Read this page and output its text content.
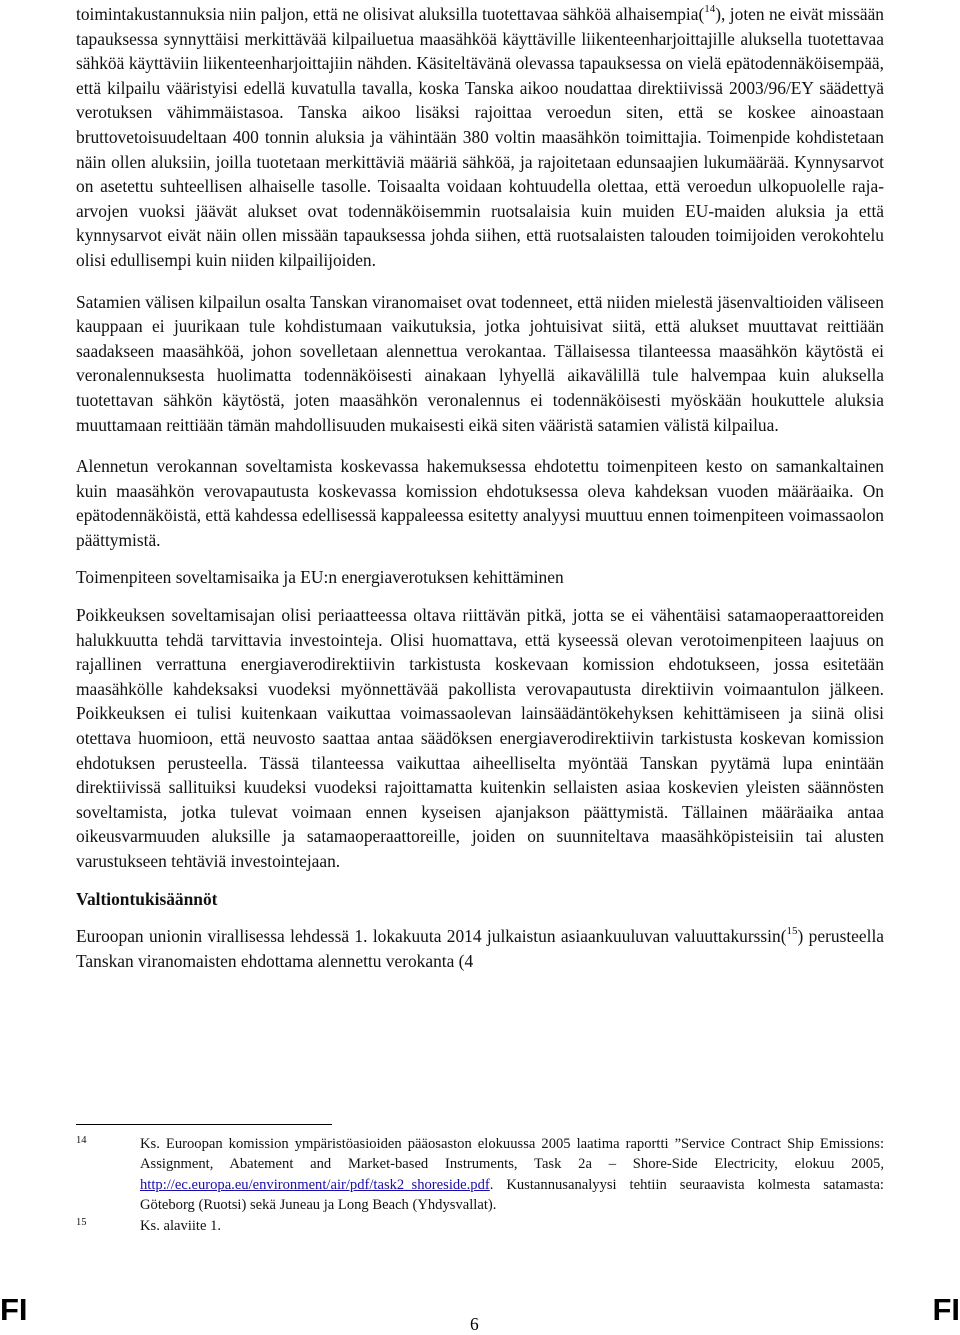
toimintakustannuksia niin paljon, että ne olisivat aluksilla tuotettavaa sähköä alhaisempia($^{14}$), joten ne eivät missään tapauksessa synnyttäisi merkittävää kilpailuetua maasähköä käyttäville liikenteenharjoittajille aluksella tuotettavaa sähköä käyttäviin liikenteenharjoittajiin nähden. Käsiteltävänä olevassa tapauksessa on vielä epätodennäköisempää, että kilpailu vääristyisi edellä kuvatulla tavalla, koska Tanska aikoo noudattaa direktiivissä 2003/96/EY säädettyä verotuksen vähimmäistasoa. Tanska aikoo lisäksi rajoittaa veroedun siten, että se koskee ainoastaan bruttovetoisuudeltaan 400 tonnin aluksia ja vähintään 380 voltin maasähkön toimittajia. Toimenpide kohdistetaan näin ollen aluksiin, joilla tuotetaan merkittäviä määriä sähköä, ja rajoitetaan edunsaajien lukumäärää. Kynnysarvot on asetettu suhteellisen alhaiselle tasolle. Toisaalta voidaan kohtuudella olettaa, että veroedun ulkopuolelle raja-arvojen vuoksi jäävät alukset ovat todennäköisemmin ruotsalaisia kuin muiden EU-maiden aluksia ja että kynnysarvot eivät näin ollen missään tapauksessa johda siihen, että ruotsalaisten talouden toimijoiden verokohtelu olisi edullisempi kuin niiden kilpailijoiden.

Satamien välisen kilpailun osalta Tanskan viranomaiset ovat todenneet, että niiden mielestä jäsenvaltioiden väliseen kauppaan ei juurikaan tule kohdistumaan vaikutuksia, jotka johtuisivat siitä, että alukset muuttavat reittiään saadakseen maasähköä, johon sovelletaan alennettua verokantaa. Tällaisessa tilanteessa maasähkön käytöstä ei veronalennuksesta huolimatta todennäköisesti ainakaan lyhyellä aikavälillä tule halvempaa kuin aluksella tuotettavan sähkön käytöstä, joten maasähkön veronalennus ei todennäköisesti myöskään houkuttele aluksia muuttamaan reittiään tämän mahdollisuuden mukaisesti eikä siten vääristä satamien välistä kilpailua.

Alennetun verokannan soveltamista koskevassa hakemuksessa ehdotettu toimenpiteen kesto on samankaltainen kuin maasähkön verovapautusta koskevassa komission ehdotuksessa oleva kahdeksan vuoden määräaika. On epätodennäköistä, että kahdessa edellisessä kappaleessa esitetty analyysi muuttuu ennen toimenpiteen voimassaolon päättymistä.

Toimenpiteen soveltamisaika ja EU:n energiaverotuksen kehittäminen

Poikkeuksen soveltamisajan olisi periaatteessa oltava riittävän pitkä, jotta se ei vähentäisi satamaoperaattoreiden halukkuutta tehdä tarvittavia investointeja. Olisi huomattava, että kyseessä olevan verotoimenpiteen laajuus on rajallinen verrattuna energiaverodirektiivin tarkistusta koskevaan komission ehdotukseen, jossa esitetään maasähkölle kahdeksaksi vuodeksi myönnettävää pakollista verovapautusta direktiivin voimaantulon jälkeen. Poikkeuksen ei tulisi kuitenkaan vaikuttaa voimassaolevan lainsäädäntökehyksen kehittämiseen ja siinä olisi otettava huomioon, että neuvosto saattaa antaa säädöksen energiaverodirektiivin tarkistusta koskevan komission ehdotuksen perusteella. Tässä tilanteessa vaikuttaa aiheelliselta myöntää Tanskan pyytämä lupa enintään direktiivissä sallituiksi kuudeksi vuodeksi rajoittamatta kuitenkin sellaisten asiaa koskevien yleisten säännösten soveltamista, jotka tulevat voimaan ennen kyseisen ajanjakson päättymistä. Tällainen määräaika antaa oikeusvarmuuden aluksille ja satamaoperaattoreille, joiden on suunniteltava maasähköpisteisiin tai alusten varustukseen tehtäviä investointejaan.

Valtiontukisäännöt

Euroopan unionin virallisessa lehdessä 1. lokakuuta 2014 julkaistun asiaankuuluvan valuuttakurssin($^{15}$) perusteella Tanskan viranomaisten ehdottama alennettu verokanta (4

14	Ks. Euroopan komission ympäristöasioiden pääosaston elokuussa 2005 laatima raportti ”Service Contract Ship Emissions: Assignment, Abatement and Market-based Instruments, Task 2a – Shore-Side Electricity, elokuu 2005, http://ec.europa.eu/environment/air/pdf/task2_shoreside.pdf. Kustannusanalyysi tehtiin seuraavista kolmesta satamasta: Göteborg (Ruotsi) sekä Juneau ja Long Beach (Yhdysvallat).
15	Ks. alaviite 1.
FI	6	FI
